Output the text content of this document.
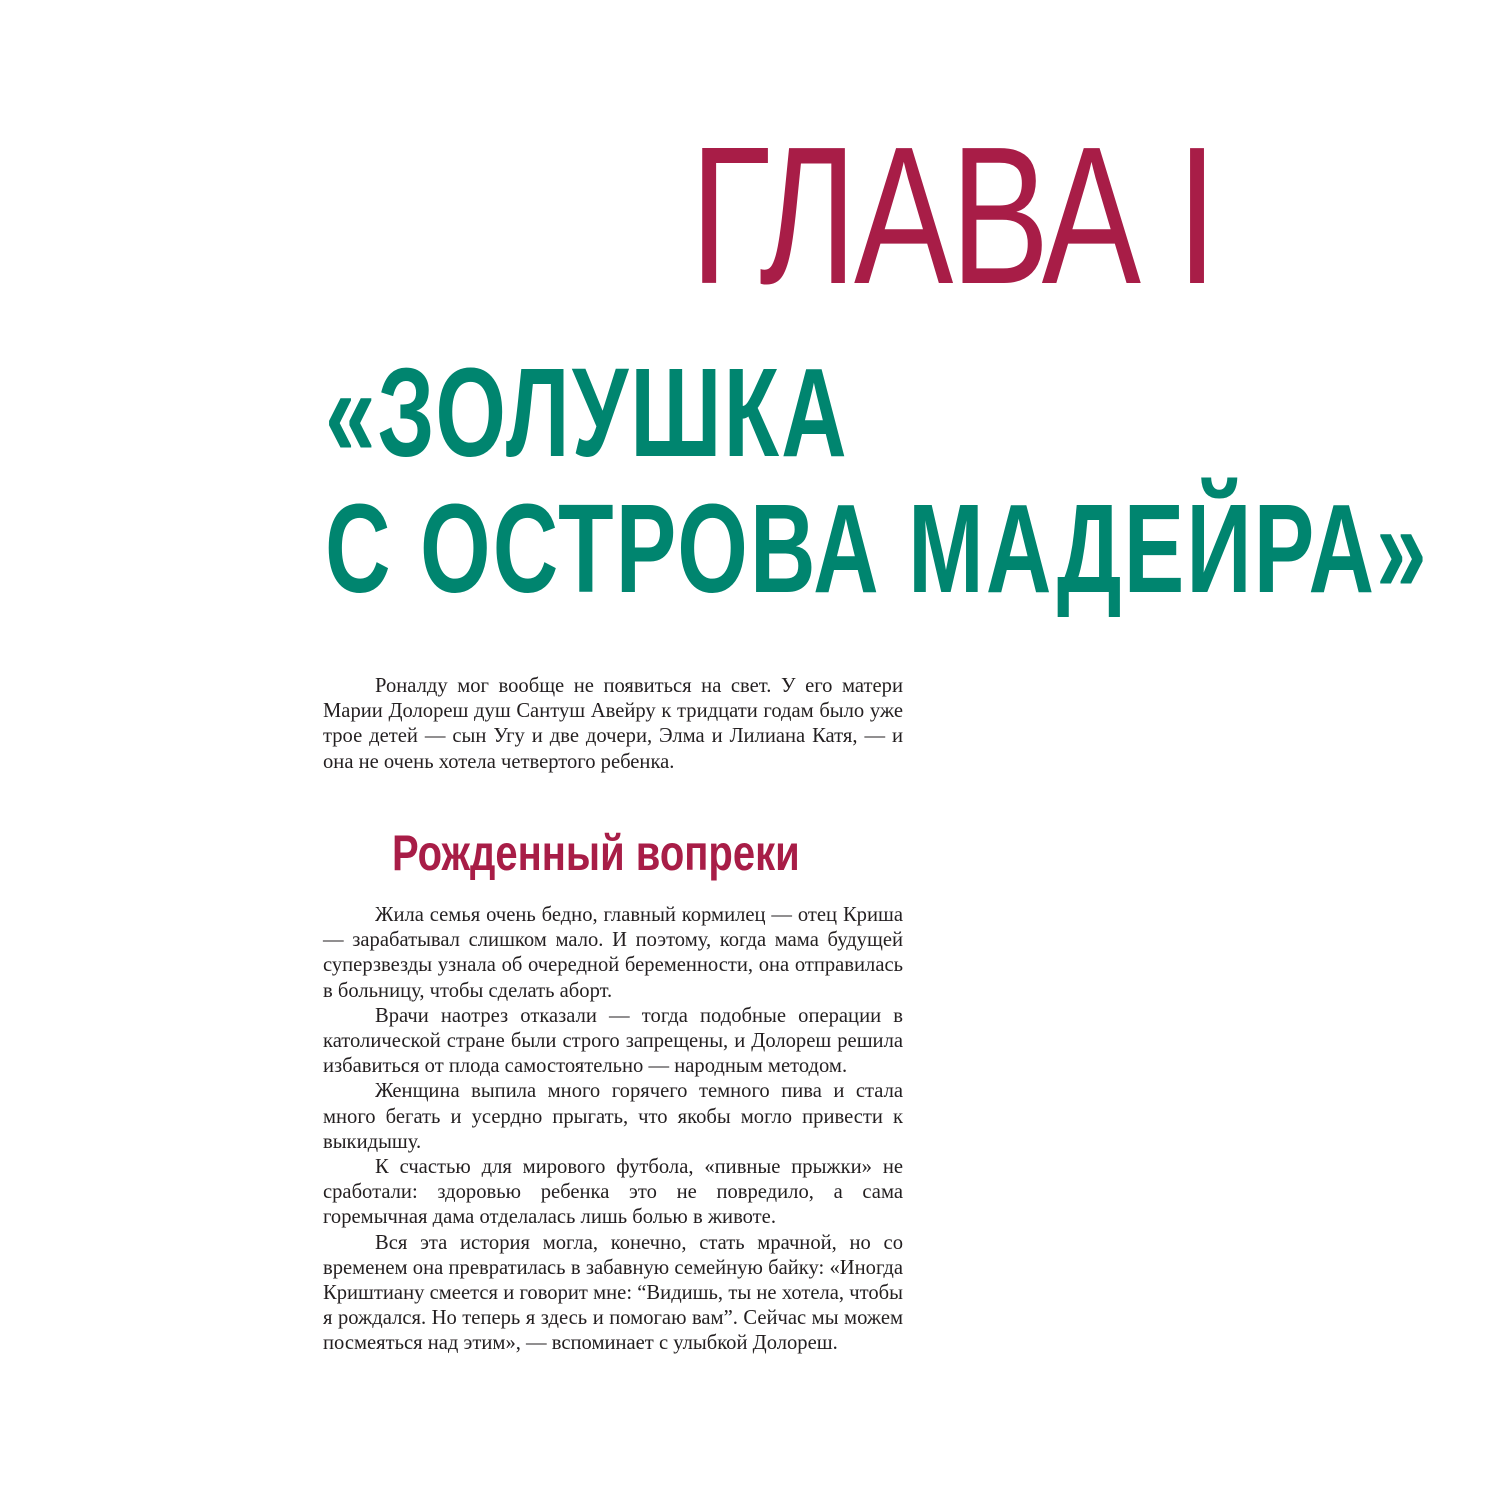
ГЛАВА I
«ЗОЛУШКА
С ОСТРОВА МАДЕЙРА»

Роналду мог вообще не появиться на свет. У его матери Марии Долореш душ Сантуш Авейру к тридцати годам было уже трое детей — сын Угу и две дочери, Элма и Лилиана Катя, — и она не очень хотела четвертого ребенка.

Рожденный вопреки

Жила семья очень бедно, главный кормилец — отец Криша — зарабатывал слишком мало. И поэтому, когда мама будущей суперзвезды узнала об очередной беременности, она отправилась в больницу, чтобы сделать аборт.

Врачи наотрез отказали — тогда подобные операции в католической стране были строго запрещены, и Долореш решила избавиться от плода самостоятельно — народным методом.

Женщина выпила много горячего темного пива и стала много бегать и усердно прыгать, что якобы могло привести к выкидышу.

К счастью для мирового футбола, «пивные прыжки» не сработали: здоровью ребенка это не повредило, а сама горемычная дама отделалась лишь болью в животе.

Вся эта история могла, конечно, стать мрачной, но со временем она превратилась в забавную семейную байку: «Иногда Криштиану смеется и говорит мне: “Видишь, ты не хотела, чтобы я рождался. Но теперь я здесь и помогаю вам”. Сейчас мы можем посмеяться над этим», — вспоминает с улыбкой Долореш.
